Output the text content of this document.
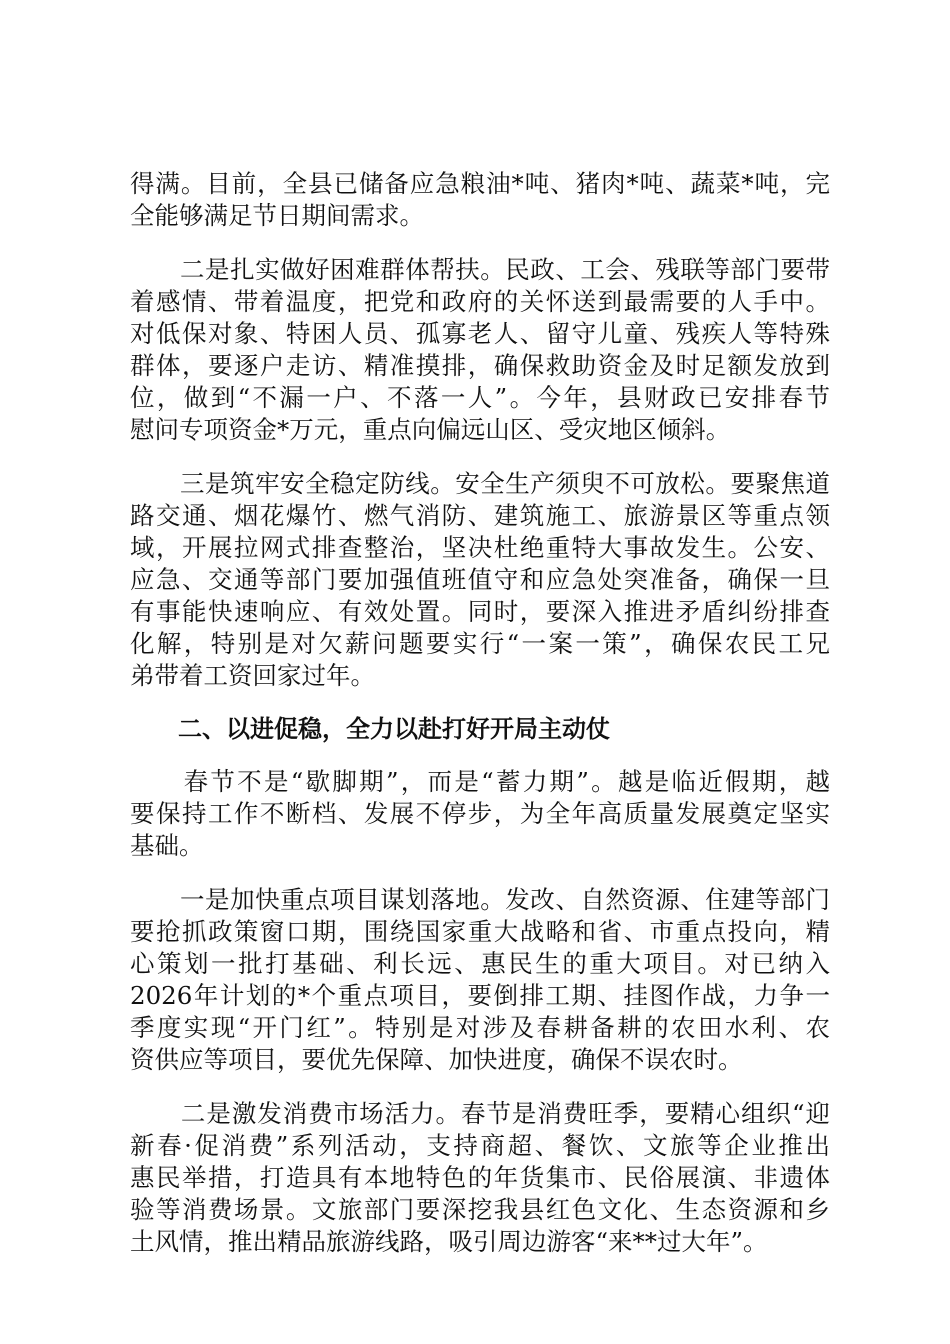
得满。目前，全县已储备应急粮油*吨、猪肉*吨、蔬菜*吨，完
全能够满足节日期间需求。
　　二是扎实做好困难群体帮扶。民政、工会、残联等部门要带
着感情、带着温度，把党和政府的关怀送到最需要的人手中。
对低保对象、特困人员、孤寡老人、留守儿童、残疾人等特殊
群体，要逐户走访、精准摸排，确保救助资金及时足额发放到
位，做到“不漏一户、不落一人”。今年，县财政已安排春节
慰问专项资金*万元，重点向偏远山区、受灾地区倾斜。
　　三是筑牢安全稳定防线。安全生产须臾不可放松。要聚焦道
路交通、烟花爆竹、燃气消防、建筑施工、旅游景区等重点领
域，开展拉网式排查整治，坚决杜绝重特大事故发生。公安、
应急、交通等部门要加强值班值守和应急处突准备，确保一旦
有事能快速响应、有效处置。同时，要深入推进矛盾纠纷排查
化解，特别是对欠薪问题要实行“一案一策”，确保农民工兄
弟带着工资回家过年。
　　二、以进促稳，全力以赴打好开局主动仗
　　春节不是“歇脚期”，而是“蓄力期”。越是临近假期，越
要保持工作不断档、发展不停步，为全年高质量发展奠定坚实
基础。
　　一是加快重点项目谋划落地。发改、自然资源、住建等部门
要抢抓政策窗口期，围绕国家重大战略和省、市重点投向，精
心策划一批打基础、利长远、惠民生的重大项目。对已纳入
2026年计划的*个重点项目，要倒排工期、挂图作战，力争一
季度实现“开门红”。特别是对涉及春耕备耕的农田水利、农
资供应等项目，要优先保障、加快进度，确保不误农时。
　　二是激发消费市场活力。春节是消费旺季，要精心组织“迎
新春·促消费”系列活动，支持商超、餐饮、文旅等企业推出
惠民举措，打造具有本地特色的年货集市、民俗展演、非遗体
验等消费场景。文旅部门要深挖我县红色文化、生态资源和乡
土风情，推出精品旅游线路，吸引周边游客“来**过大年”。
